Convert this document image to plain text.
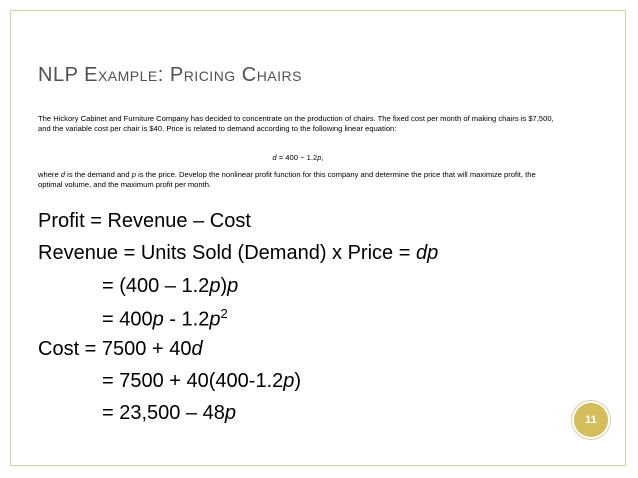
NLP Example: Pricing Chairs

The Hickory Cabinet and Furniture Company has decided to concentrate on the production of chairs. The fixed cost per month of making chairs is $7,500, and the variable cost per chair is $40. Price is related to demand according to the following linear equation:

d = 400 − 1.2p,
where d is the demand and p is the price. Develop the nonlinear profit function for this company and determine the price that will maximize profit, the optimal volume, and the maximum profit per month.
Profit = Revenue – Cost
Revenue = Units Sold (Demand) x Price = dp
= (400 – 1.2p)p
= $400p - 1.2p^2$
Cost = 7500 + 40d
= 7500 + 40(400-1.2p)
= 23,500 – 48p	11
